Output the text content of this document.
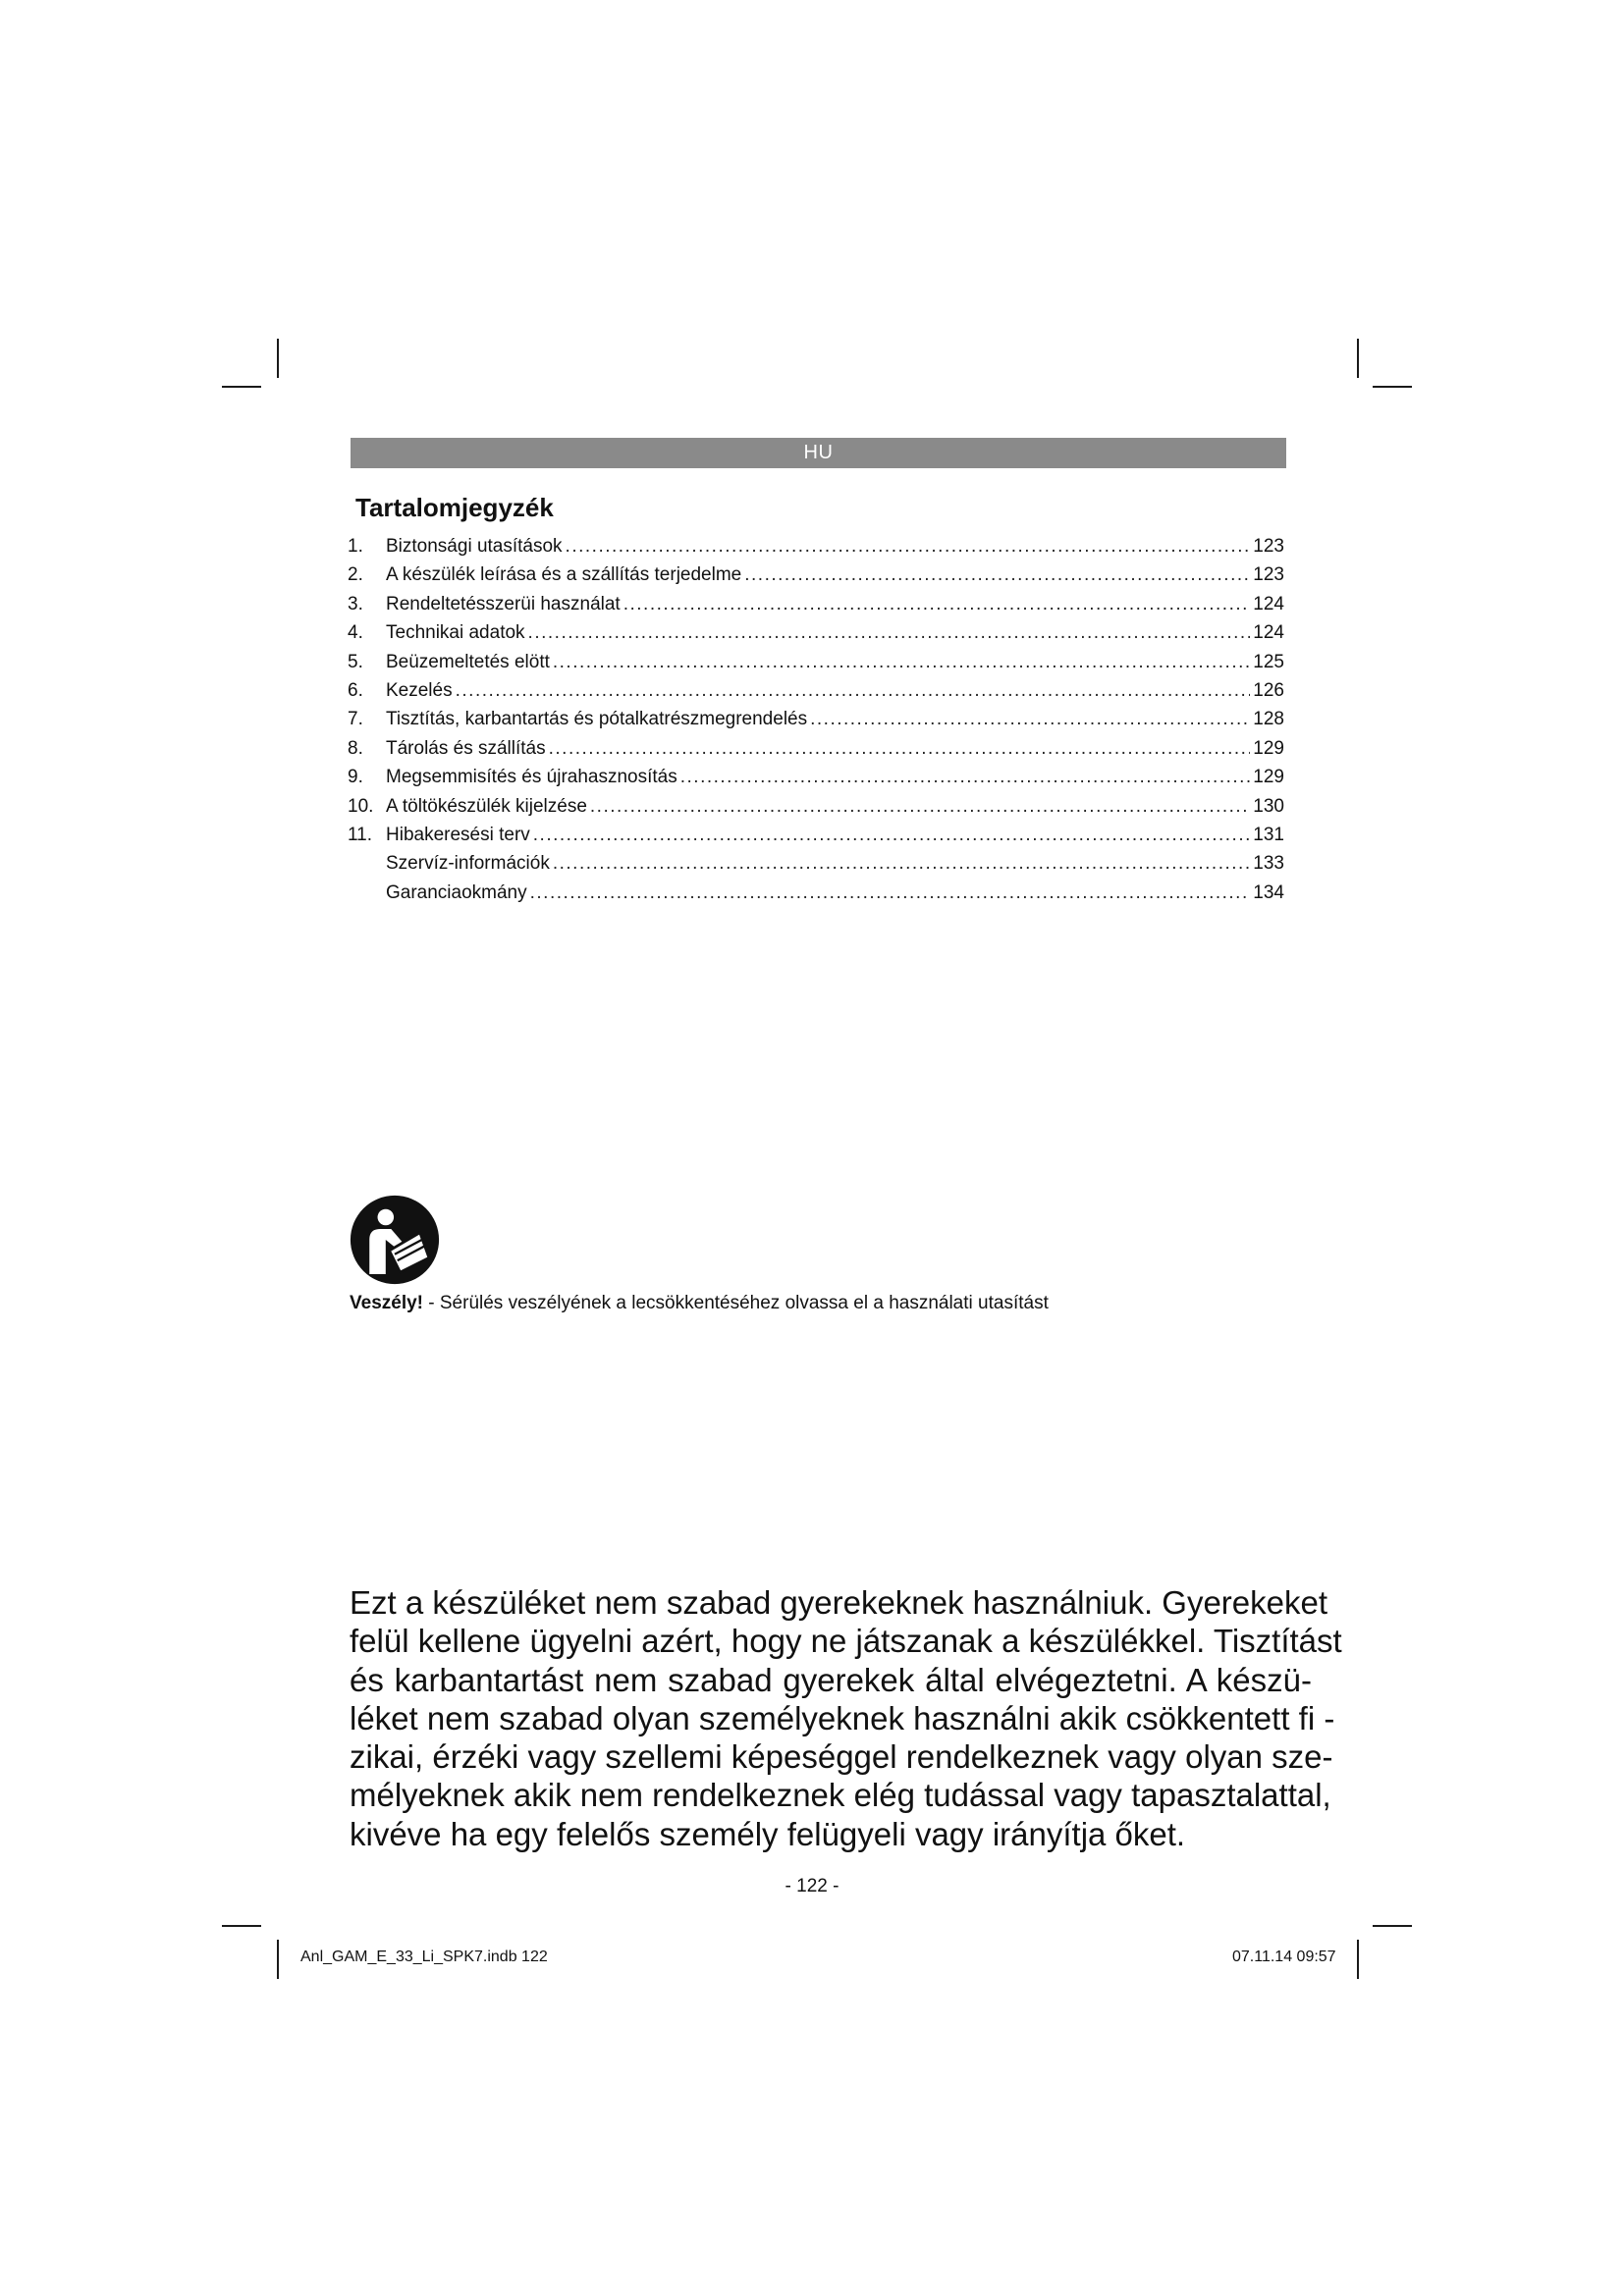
HU
Tartalomjegyzék
1.	Biztonsági utasítások .....	123
2.	A készülék leírása és a szállítás terjedelme .....	123
3.	Rendeltetésszerüi használat .....	124
4.	Technikai adatok .....	124
5.	Beüzemeltetés elött .....	125
6.	Kezelés .....	126
7.	Tisztítás, karbantartás és pótalkatrészmegrendelés .....	128
8.	Tárolás és szállítás .....	129
9.	Megsemmisítés és újrahasznosítás .....	129
10. A töltökészülék kijelzése .....	130
11. Hibakeresési terv .....	131
Szervíz-információk .....	133
Garanciaokmány .....	134
Veszély! - Sérülés veszélyének a lecsökkentéséhez olvassa el a használati utasítást
Ezt a készüléket nem szabad gyerekeknek használniuk. Gyerekeket
felül kellene ügyelni azért, hogy ne játszanak a készülékkel. Tisztítást
és karbantartást nem szabad gyerekek által elvégeztetni. A készü-
léket nem szabad olyan személyeknek használni akik csökkentett fi -
zikai, érzéki vagy szellemi képeséggel rendelkeznek vagy olyan sze-
mélyeknek akik nem rendelkeznek elég tudással vagy tapasztalattal,
kivéve ha egy felelős személy felügyeli vagy irányítja őket.
- 122 -
Anl_GAM_E_33_Li_SPK7.indb 122	07.11.14 09:57
